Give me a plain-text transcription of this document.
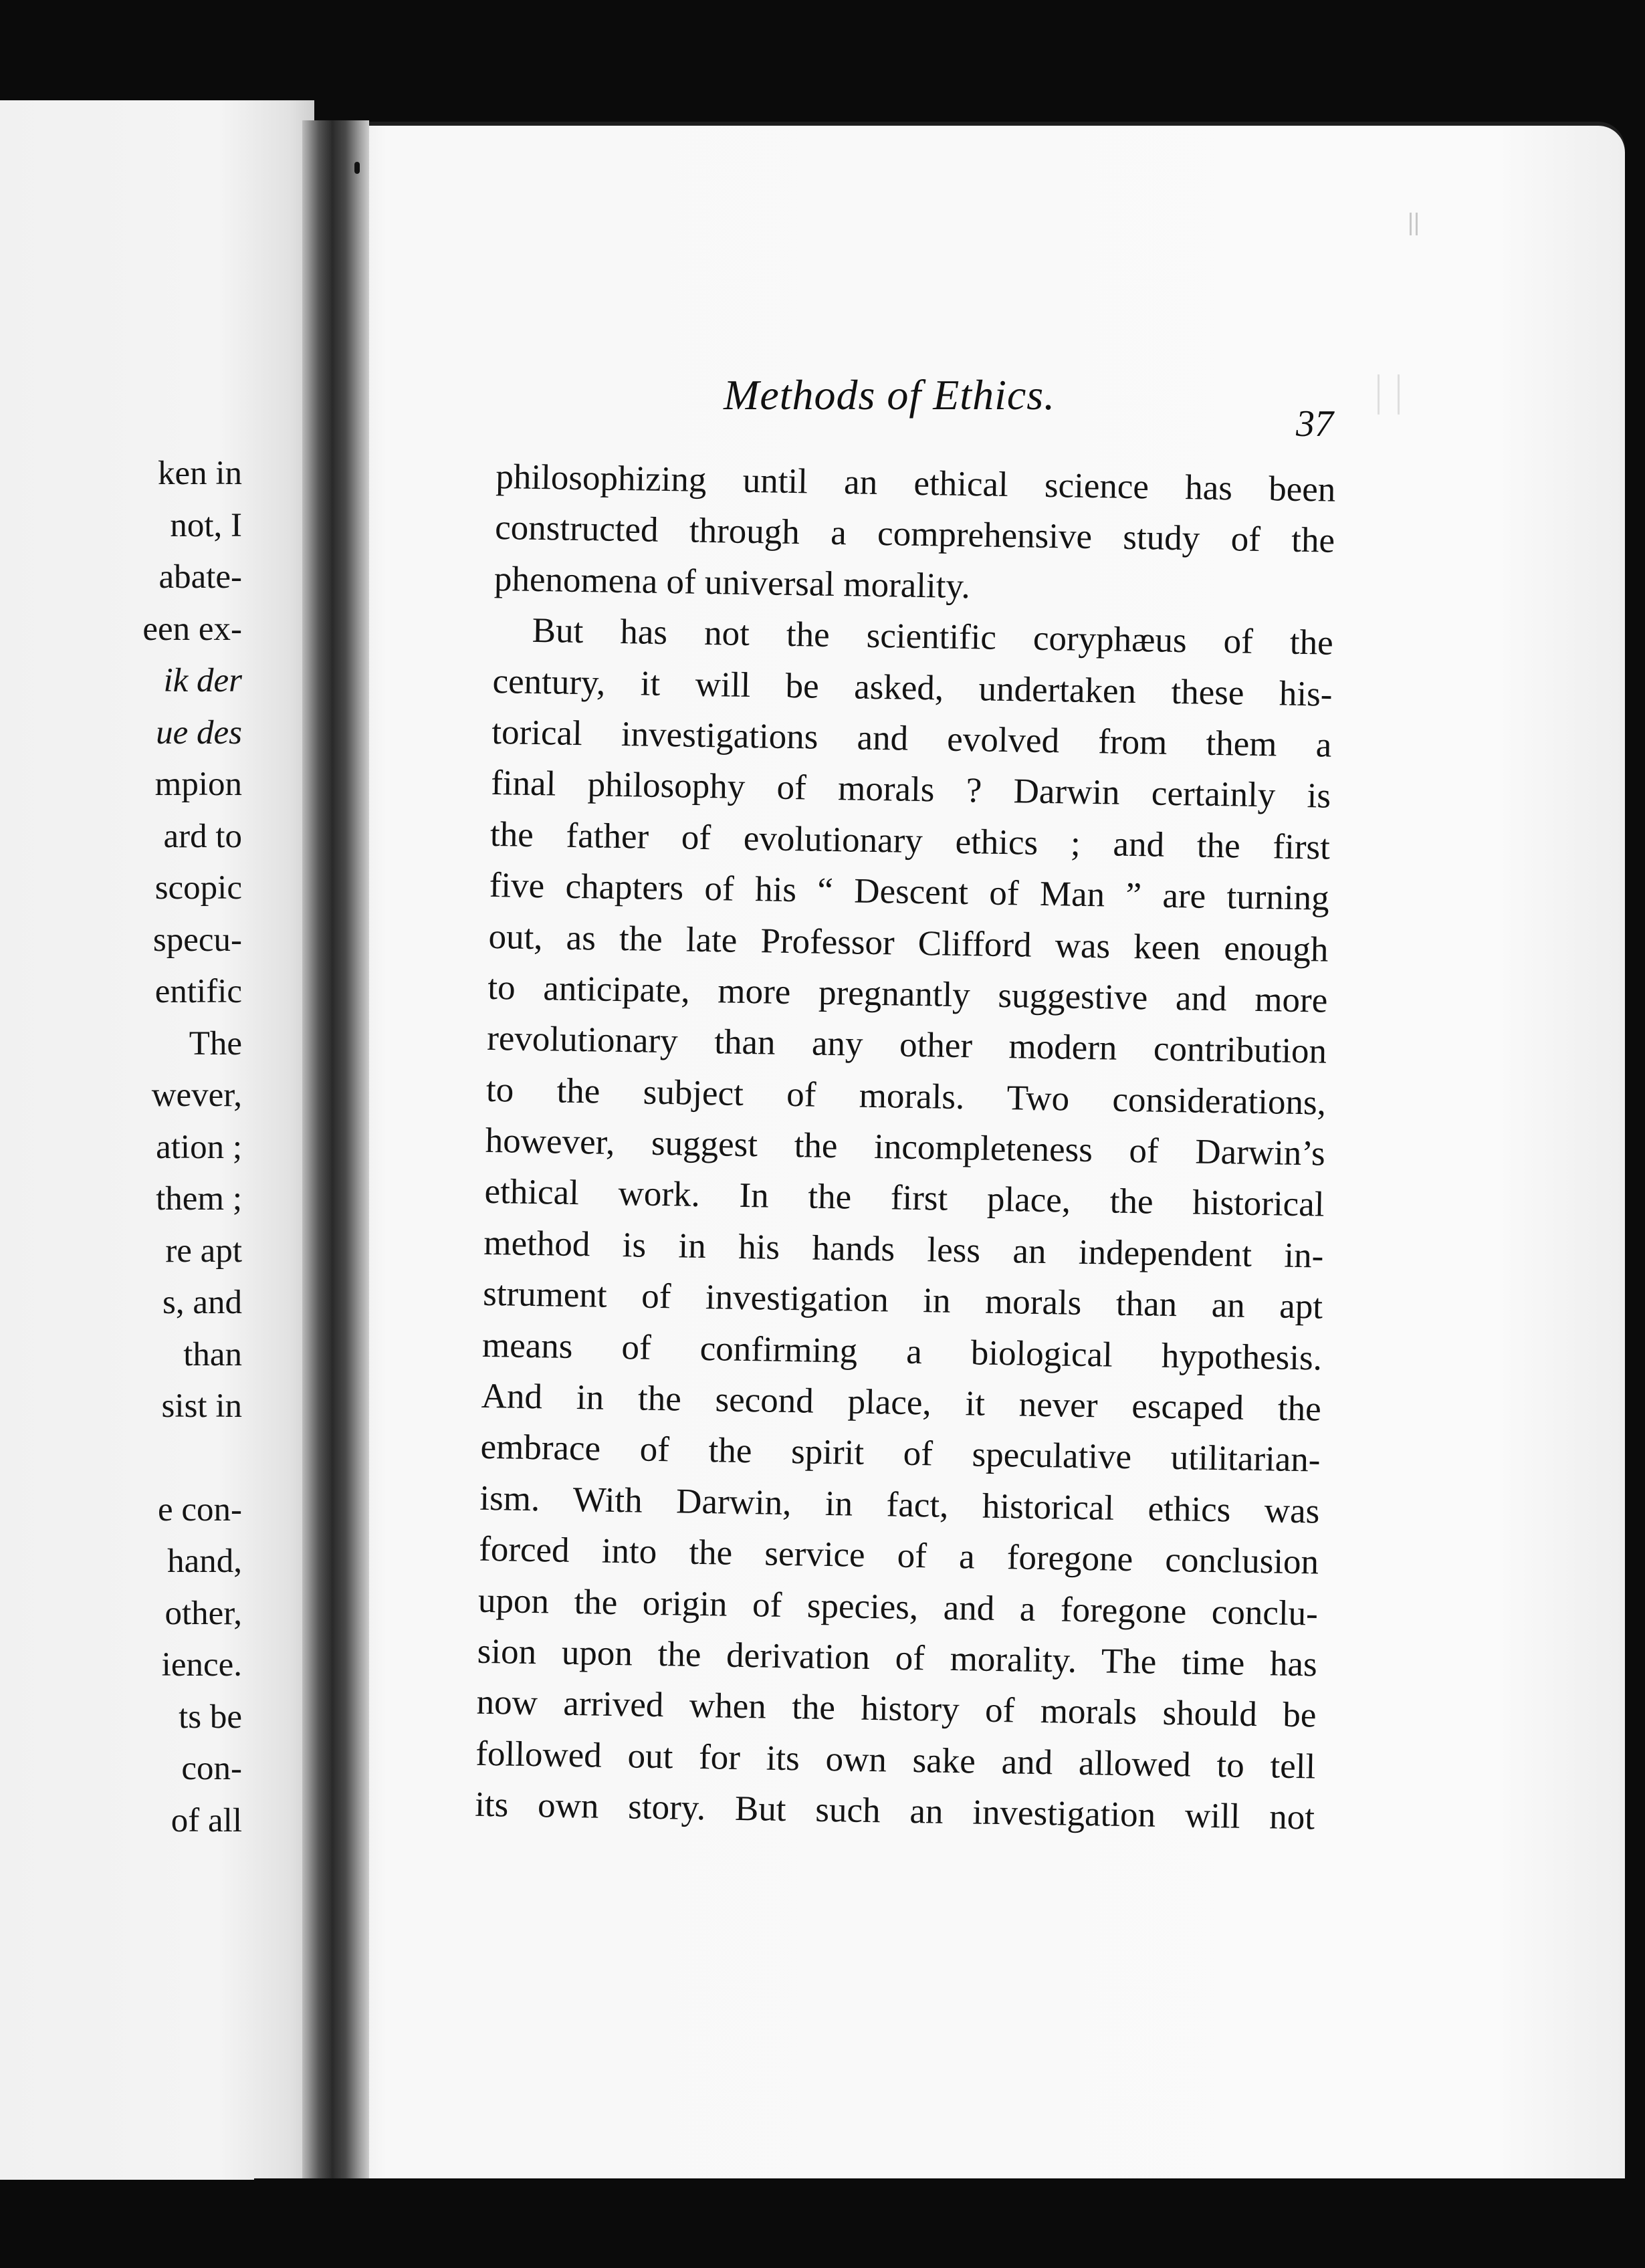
ken in
not, I
abate-
een ex-
ik der
ue des
mpion
ard to
scopic
specu-
entific
The
wever,
ation ;
them ;
re apt
s, and
than
sist in
e con-
hand,
other,
ience.
ts be
con-
of all
Methods of Ethics.
37
philosophizing until an ethical science has been
constructed through a comprehensive study of the
phenomena of universal morality.
But has not the scientific coryphæus of the
century, it will be asked, undertaken these his-
torical investigations and evolved from them a
final philosophy of morals ? Darwin certainly is
the father of evolutionary ethics ; and the first
five chapters of his “ Descent of Man ” are turning
out, as the late Professor Clifford was keen enough
to anticipate, more pregnantly suggestive and more
revolutionary than any other modern contribution
to the subject of morals. Two considerations,
however, suggest the incompleteness of Darwin’s
ethical work. In the first place, the historical
method is in his hands less an independent in-
strument of investigation in morals than an apt
means of confirming a biological hypothesis.
And in the second place, it never escaped the
embrace of the spirit of speculative utilitarian-
ism. With Darwin, in fact, historical ethics was
forced into the service of a foregone conclusion
upon the origin of species, and a foregone conclu-
sion upon the derivation of morality. The time has
now arrived when the history of morals should be
followed out for its own sake and allowed to tell
its own story. But such an investigation will not
